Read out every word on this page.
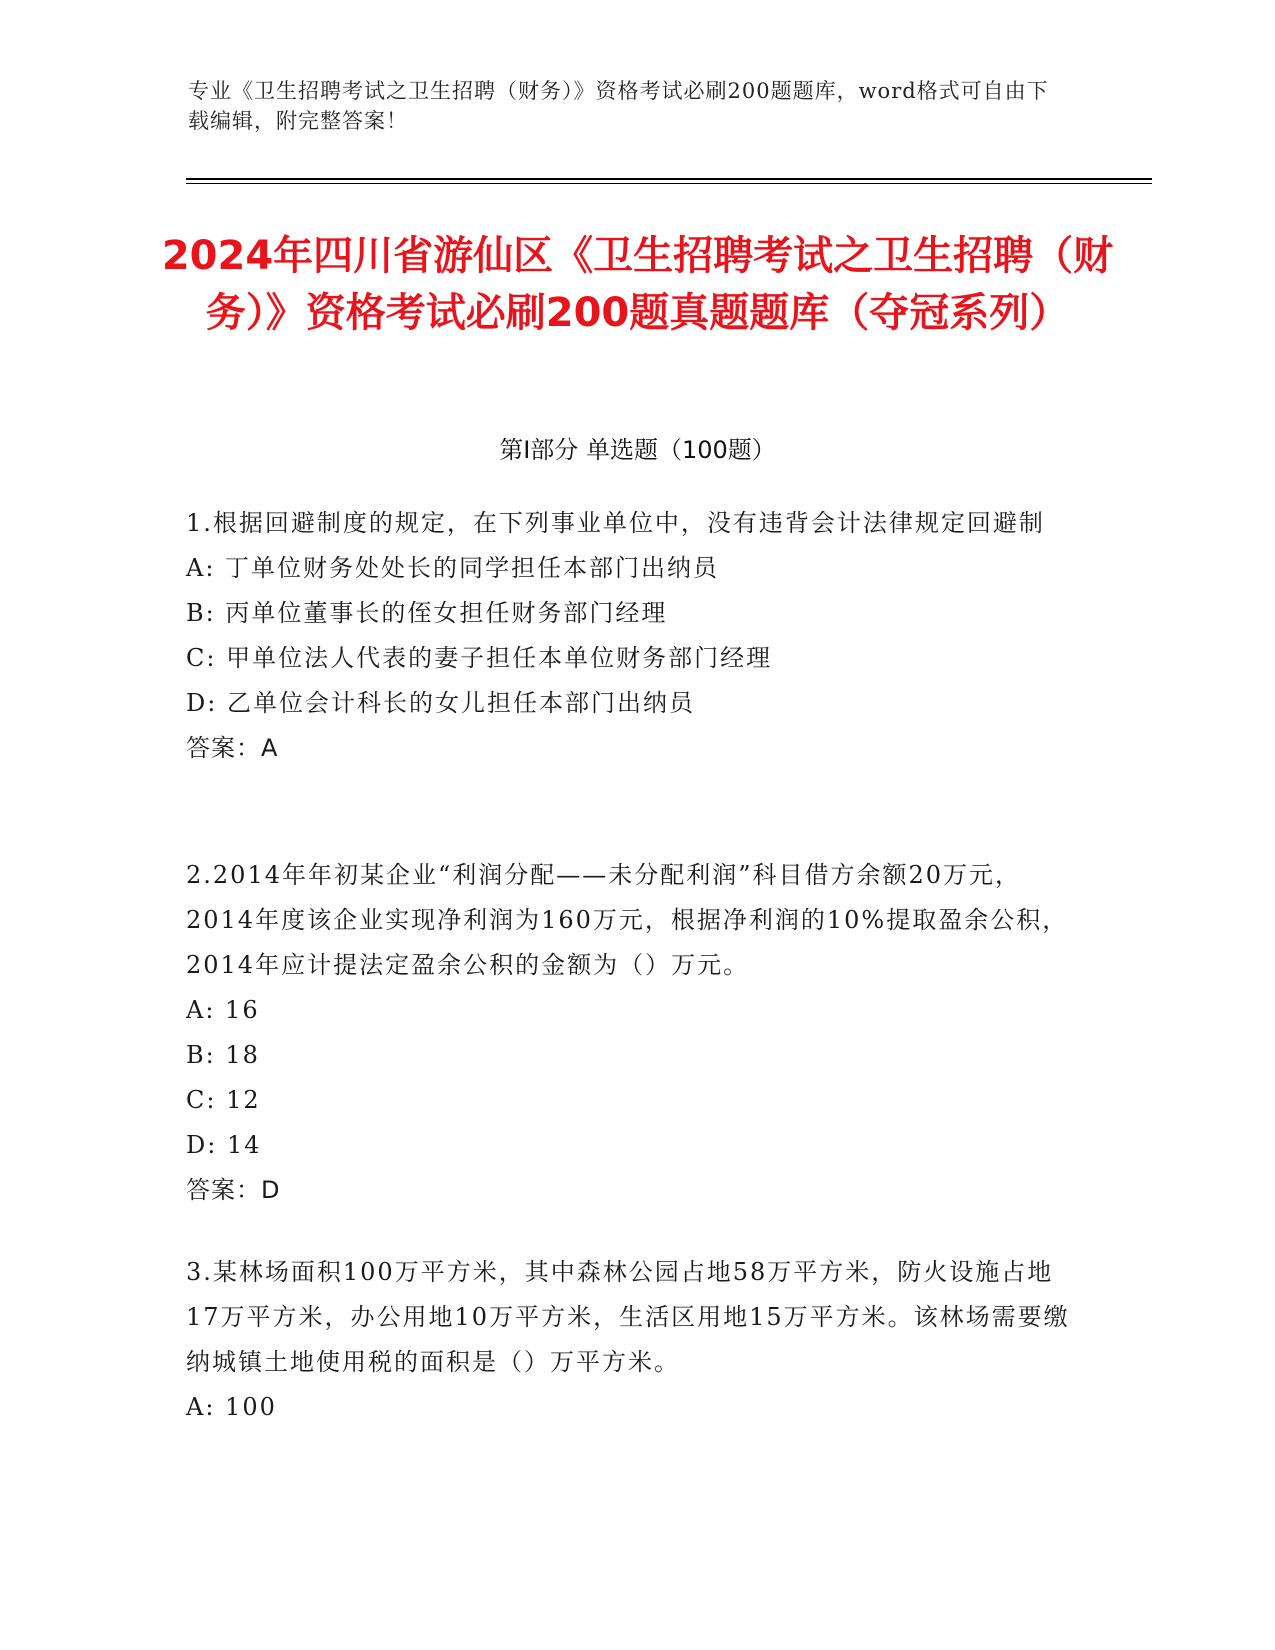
专业《卫生招聘考试之卫生招聘（财务）》资格考试必刷200题题库，word格式可自由下载编辑，附完整答案！
2024年四川省游仙区《卫生招聘考试之卫生招聘（财务）》资格考试必刷200题真题题库（夺冠系列）
第I部分 单选题（100题）

1.根据回避制度的规定，在下列事业单位中，没有违背会计法律规定回避制

A: 丁单位财务处处长的同学担任本部门出纳员

B: 丙单位董事长的侄女担任财务部门经理

C: 甲单位法人代表的妻子担任本单位财务部门经理

D: 乙单位会计科长的女儿担任本部门出纳员

答案：A

2.2014年年初某企业“利润分配——未分配利润”科目借方余额20万元，2014年度该企业实现净利润为160万元，根据净利润的10%提取盈余公积，2014年应计提法定盈余公积的金额为（）万元。

A: 16

B: 18

C: 12

D: 14

答案：D

3.某林场面积100万平方米，其中森林公园占地58万平方米，防火设施占地17万平方米，办公用地10万平方米，生活区用地15万平方米。该林场需要缴纳城镇土地使用税的面积是（）万平方米。

A: 100
